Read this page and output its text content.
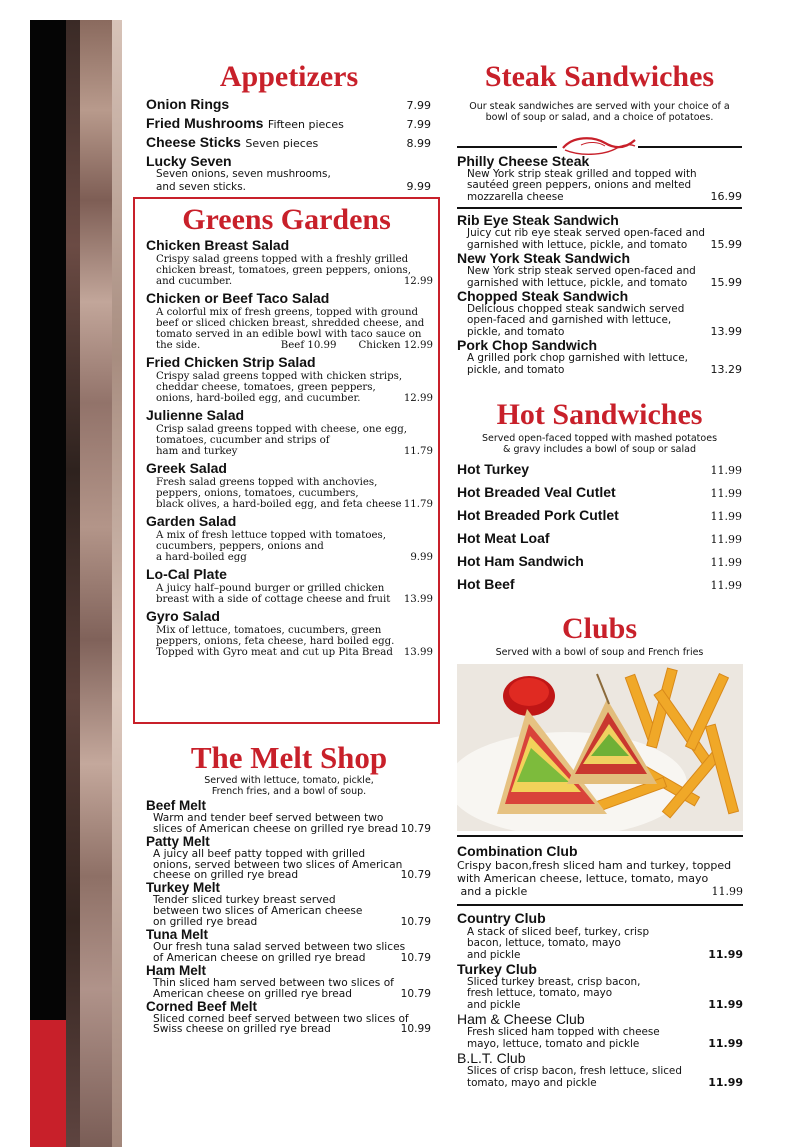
Appetizers
Onion Rings	7.99
Fried Mushrooms Fifteen pieces	7.99
Cheese Sticks Seven pieces	8.99
Lucky Seven
Seven onions, seven mushrooms,
and seven sticks.	9.99
Greens Gardens
Chicken Breast Salad
Crispy salad greens topped with a freshly grilled
chicken breast, tomatoes, green peppers, onions,
and cucumber.	12.99
Chicken or Beef Taco Salad
A colorful mix of fresh greens, topped with ground
beef or sliced chicken breast, shredded cheese, and
tomato served in an edible bowl with taco sauce on
the side.	Beef 10.99 Chicken 12.99
Fried Chicken Strip Salad
Crispy salad greens topped with chicken strips,
cheddar cheese, tomatoes, green peppers,
onions, hard-boiled egg, and cucumber.	12.99
Julienne Salad
Crisp salad greens topped with cheese, one egg,
tomatoes, cucumber and strips of
ham and turkey	11.79
Greek Salad
Fresh salad greens topped with anchovies,
peppers, onions, tomatoes, cucumbers,
black olives, a hard-boiled egg, and feta cheese 11.79
Garden Salad
A mix of fresh lettuce topped with tomatoes,
cucumbers, peppers, onions and
a hard-boiled egg	9.99
Lo-Cal Plate
A juicy half–pound burger or grilled chicken
breast with a side of cottage cheese and fruit 13.99
Gyro Salad
Mix of lettuce, tomatoes, cucumbers, green
peppers, onions, feta cheese, hard boiled egg.
Topped with Gyro meat and cut up Pita Bread 13.99
The Melt Shop
Served with lettuce, tomato, pickle,
French fries, and a bowl of soup.
Beef Melt
Warm and tender beef served between two
slices of American cheese on grilled rye bread 10.79
Patty Melt
A juicy all beef patty topped with grilled
onions, served between two slices of American
cheese on grilled rye bread	10.79
Turkey Melt
Tender sliced turkey breast served
between two slices of American cheese
on grilled rye bread	10.79
Tuna Melt
Our fresh tuna salad served between two slices
of American cheese on grilled rye bread	10.79
Ham Melt
Thin sliced ham served between two slices of
American cheese on grilled rye bread	10.79
Corned Beef Melt
Sliced corned beef served between two slices of
Swiss cheese on grilled rye bread	10.99
Steak Sandwiches
Our steak sandwiches are served with your choice of a
bowl of soup or salad, and a choice of potatoes.
Philly Cheese Steak
New York strip steak grilled and topped with
sautéed green peppers, onions and melted
mozzarella cheese	16.99
Rib Eye Steak Sandwich
Juicy cut rib eye steak served open-faced and
garnished with lettuce, pickle, and tomato 15.99
New York Steak Sandwich
New York strip steak served open-faced and
garnished with lettuce, pickle, and tomato 15.99
Chopped Steak Sandwich
Delicious chopped steak sandwich served
open-faced and garnished with lettuce,
pickle, and tomato	13.99
Pork Chop Sandwich
A grilled pork chop garnished with lettuce,
pickle, and tomato	13.29
Hot Sandwiches
Served open-faced topped with mashed potatoes
& gravy includes a bowl of soup or salad
Hot Turkey	11.99
Hot Breaded Veal Cutlet	11.99
Hot Breaded Pork Cutlet	11.99
Hot Meat Loaf	11.99
Hot Ham Sandwich	11.99
Hot Beef	11.99
Clubs
Served with a bowl of soup and French fries
Combination Club
Crispy bacon,fresh sliced ham and turkey, topped
with American cheese, lettuce, tomato, mayo
and a pickle	11.99
Country Club
A stack of sliced beef, turkey, crisp
bacon, lettuce, tomato, mayo
and pickle	11.99
Turkey Club
Sliced turkey breast, crisp bacon,
fresh lettuce, tomato, mayo
and pickle	11.99
Ham & Cheese Club
Fresh sliced ham topped with cheese
mayo, lettuce, tomato and pickle	11.99
B.L.T. Club
Slices of crisp bacon, fresh lettuce, sliced
tomato, mayo and pickle	11.99
